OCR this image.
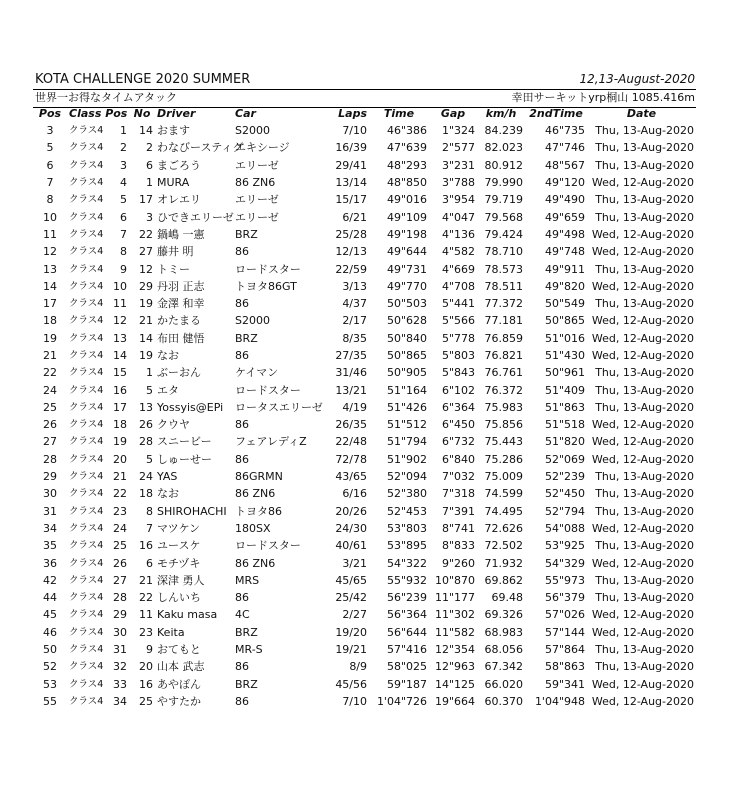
KOTA CHALLENGE 2020 SUMMER	12,13-August-2020
世界一お得なタイムアタック	幸田サーキットyrp桐山 1085.416m
Pos	Class Pos		No	Driver	Car	Laps	Time	Gap	km/h	2ndTime	Date
3	クラス4	1	14	おます	S2000	7/10	46"386	1"324	84.239	46"735	Thu, 13-Aug-2020
5	クラス4	2	2	わなびースティグ	エキシージ	16/39	47"639	2"577	82.023	47"746	Thu, 13-Aug-2020
6	クラス4	3	6	まごろう	エリーゼ	29/41	48"293	3"231	80.912	48"567	Thu, 13-Aug-2020
7	クラス4	4	1	MURA	86 ZN6	13/14	48"850	3"788	79.990	49"120	Wed, 12-Aug-2020
8	クラス4	5	17	オレエリ	エリーゼ	15/17	49"016	3"954	79.719	49"490	Thu, 13-Aug-2020
10	クラス4	6	3	ひできエリーゼ	エリーゼ	6/21	49"109	4"047	79.568	49"659	Thu, 13-Aug-2020
11	クラス4	7	22	鍋嶋 一憲	BRZ	25/28	49"198	4"136	79.424	49"498	Wed, 12-Aug-2020
12	クラス4	8	27	藤井 明	86	12/13	49"644	4"582	78.710	49"748	Wed, 12-Aug-2020
13	クラス4	9	12	トミー	ロードスター	22/59	49"731	4"669	78.573	49"911	Thu, 13-Aug-2020
14	クラス4	10	29	丹羽 正志	トヨタ86GT	3/13	49"770	4"708	78.511	49"820	Wed, 12-Aug-2020
17	クラス4	11	19	金澤 和幸	86	4/37	50"503	5"441	77.372	50"549	Thu, 13-Aug-2020
18	クラス4	12	21	かたまる	S2000	2/17	50"628	5"566	77.181	50"865	Wed, 12-Aug-2020
19	クラス4	13	14	布田 健悟	BRZ	8/35	50"840	5"778	76.859	51"016	Wed, 12-Aug-2020
21	クラス4	14	19	なお	86	27/35	50"865	5"803	76.821	51"430	Wed, 12-Aug-2020
22	クラス4	15	1	ぶーおん	ケイマン	31/46	50"905	5"843	76.761	50"961	Thu, 13-Aug-2020
24	クラス4	16	5	エタ	ロードスター	13/21	51"164	6"102	76.372	51"409	Thu, 13-Aug-2020
25	クラス4	17	13	Yossyis@EPi	ロータスエリーゼ	4/19	51"426	6"364	75.983	51"863	Thu, 13-Aug-2020
26	クラス4	18	26	クウヤ	86	26/35	51"512	6"450	75.856	51"518	Wed, 12-Aug-2020
27	クラス4	19	28	スニービー	フェアレディZ	22/48	51"794	6"732	75.443	51"820	Wed, 12-Aug-2020
28	クラス4	20	5	しゅーせー	86	72/78	51"902	6"840	75.286	52"069	Wed, 12-Aug-2020
29	クラス4	21	24	YAS	86GRMN	43/65	52"094	7"032	75.009	52"239	Thu, 13-Aug-2020
30	クラス4	22	18	なお	86 ZN6	6/16	52"380	7"318	74.599	52"450	Thu, 13-Aug-2020
31	クラス4	23	8	SHIROHACHI	トヨタ86	20/26	52"453	7"391	74.495	52"794	Thu, 13-Aug-2020
34	クラス4	24	7	マツケン	180SX	24/30	53"803	8"741	72.626	54"088	Wed, 12-Aug-2020
35	クラス4	25	16	ユースケ	ロードスター	40/61	53"895	8"833	72.502	53"925	Thu, 13-Aug-2020
36	クラス4	26	6	モチヅキ	86 ZN6	3/21	54"322	9"260	71.932	54"329	Wed, 12-Aug-2020
42	クラス4	27	21	深津 勇人	MRS	45/65	55"932	10"870	69.862	55"973	Thu, 13-Aug-2020
44	クラス4	28	22	しんいち	86	25/42	56"239	11"177	69.48	56"379	Thu, 13-Aug-2020
45	クラス4	29	11	Kaku masa	4C	2/27	56"364	11"302	69.326	57"026	Wed, 12-Aug-2020
46	クラス4	30	23	Keita	BRZ	19/20	56"644	11"582	68.983	57"144	Wed, 12-Aug-2020
50	クラス4	31	9	おてもと	MR-S	19/21	57"416	12"354	68.056	57"864	Thu, 13-Aug-2020
52	クラス4	32	20	山本 武志	86	8/9	58"025	12"963	67.342	58"863	Thu, 13-Aug-2020
53	クラス4	33	16	あやぽん	BRZ	45/56	59"187	14"125	66.020	59"341	Wed, 12-Aug-2020
55	クラス4	34	25	やすたか	86	7/10	1'04"726	19"664	60.370	1'04"948	Wed, 12-Aug-2020
